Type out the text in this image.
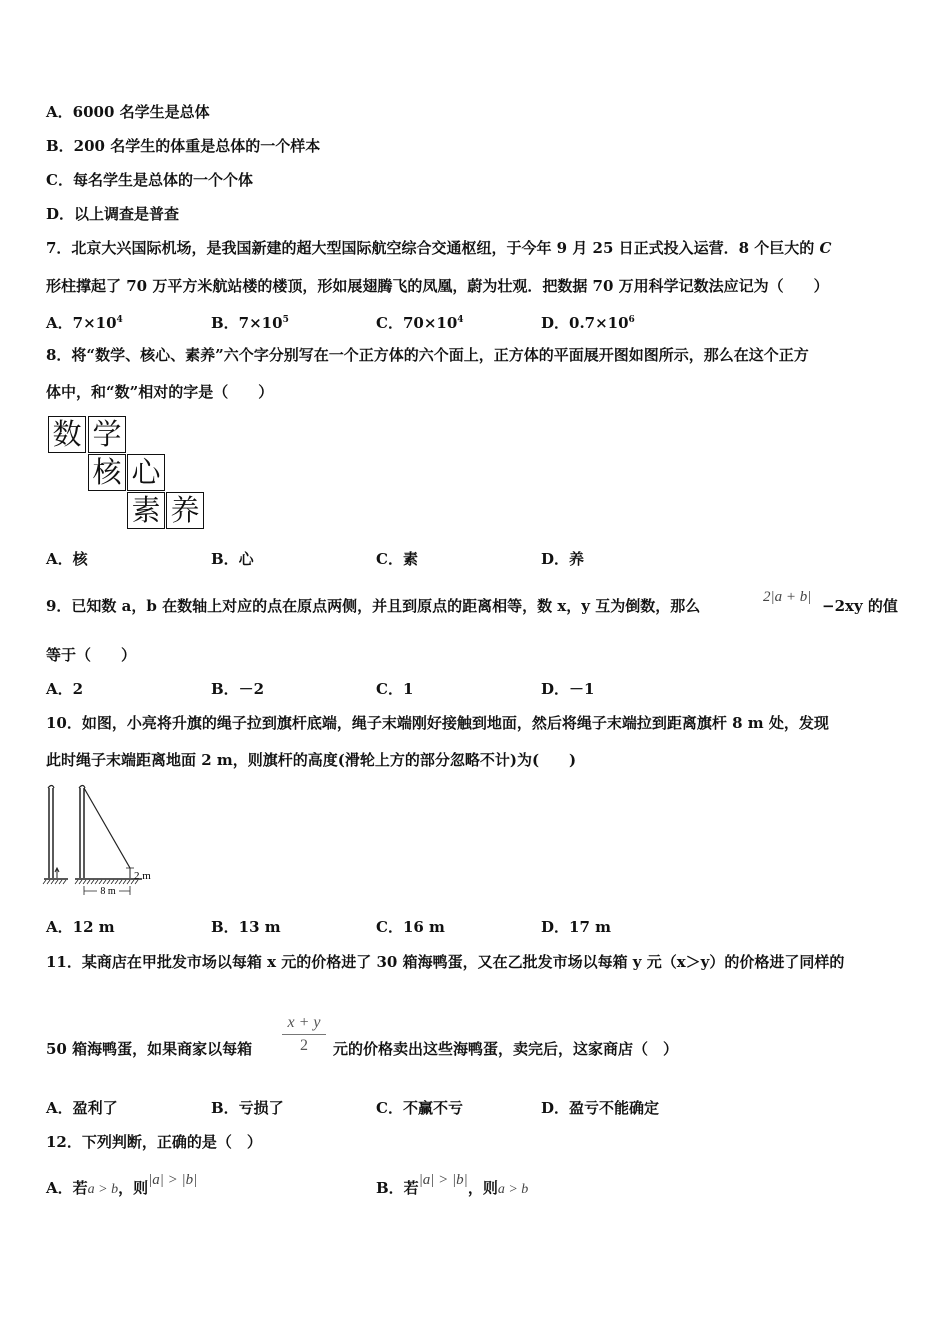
A．6000 名学生是总体
B．200 名学生的体重是总体的一个样本
C．每名学生是总体的一个个体
D．以上调查是普查
7．北京大兴国际机场，是我国新建的超大型国际航空综合交通枢纽，于今年 9 月 25 日正式投入运营．8 个巨大的 C
形柱撑起了 70 万平方米航站楼的楼顶，形如展翅腾飞的凤凰，蔚为壮观．把数据 70 万用科学记数法应记为（　　）
A．$7\times 10^4$	B．$7\times 10^5$	C．$70\times 10^4$	D．$0.7\times 10^6$
8．将“数学、核心、素养”六个字分别写在一个正方体的六个面上，正方体的平面展开图如图所示，那么在这个正方
体中，和“数”相对的字是（　　）
数 学
核 心
素 养
A．核	B．心	C．素	D．养
9．已知数 a，b 在数轴上对应的点在原点两侧，并且到原点的距离相等，数 x，y 互为倒数，那么	2|a + b| −2xy 的值
等于（　　）
A．2	B．－2	C．1	D．－1
10．如图，小亮将升旗的绳子拉到旗杆底端，绳子末端刚好接触到地面，然后将绳子末端拉到距离旗杆 8 m 处，发现
此时绳子末端距离地面 2 m，则旗杆的高度(滑轮上方的部分忽略不计)为(　　)
8 m
2 m
A．12 m	B．13 m	C．16 m	D．17 m
11．某商店在甲批发市场以每箱 x 元的价格进了 30 箱海鸭蛋，又在乙批发市场以每箱 y 元（x＞y）的价格进了同样的
50 箱海鸭蛋，如果商家以每箱
x + y
2	元的价格卖出这些海鸭蛋，卖完后，这家商店（　）
A．盈利了	B．亏损了	C．不赢不亏	D．盈亏不能确定
12．下列判断，正确的是（　）
A．若a > b，则|a| > |b|	B．若|a| > |b|，则a > b
